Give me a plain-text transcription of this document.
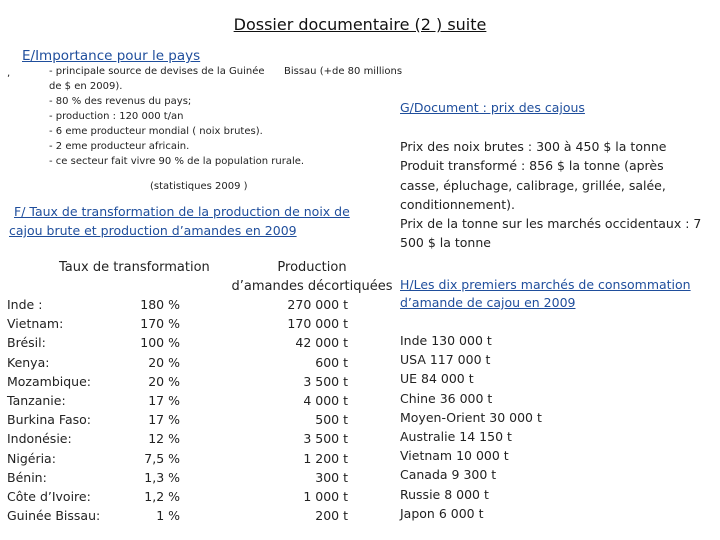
Dossier documentaire (2 ) suite
E/Importance pour le pays
,	- principale source de devises de la Guinée
de $ en 2009).
- 80 % des revenus du pays;
- production : 120 000 t/an
- 6 eme producteur mondial ( noix brutes).
- 2 eme producteur africain.
- ce secteur fait vivre 90 % de la population rurale.
Bissau (+de 80 millions
(statistiques 2009 )
F/ Taux de transformation de la production de noix de
cajou brute et production d’amandes en 2009
Taux de transformation	Production
d’amandes décortiquées
Inde :
Vietnam:
Brésil:
Kenya:
Mozambique:
Tanzanie:
Burkina Faso:
Indonésie:
Nigéria:
Bénin:
Côte d’Ivoire:
Guinée Bissau:
180 %
170 %
100 %
20 %
20 %
17 %
17 %
12 %
7,5 %
1,3 %
1,2 %
1 %
270 000 t
170 000 t
42 000 t
600 t
3 500 t
4 000 t
500 t
3 500 t
1 200 t
300 t
1 000 t
200 t
G/Document : prix des cajous
Prix des noix brutes : 300 à 450 $ la tonne
Produit transformé : 856 $ la tonne (après
casse, épluchage, calibrage, grillée, salée,
conditionnement).
Prix de la tonne sur les marchés occidentaux : 7
500 $ la tonne
H/Les dix premiers marchés de consommation
d’amande de cajou en 2009
Inde 130 000 t
USA 117 000 t
UE 84 000 t
Chine 36 000 t
Moyen-Orient 30 000 t
Australie 14 150 t
Vietnam 10 000 t
Canada 9 300 t
Russie 8 000 t
Japon 6 000 t
